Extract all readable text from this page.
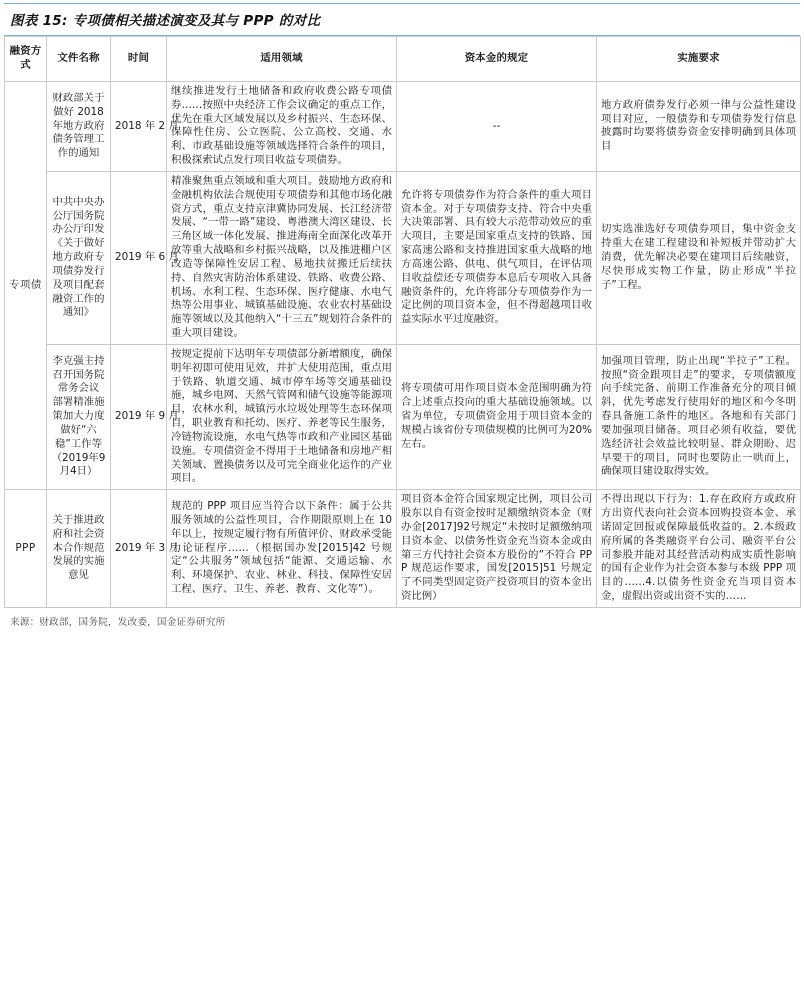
图表 15: 专项债相关描述演变及其与 PPP 的对比
融资方式	文件名称	时间	适用领域	资本金的规定	实施要求
专项债	财政部关于做好 2018 年地方政府债务管理工作的通知	2018 年 2 月	继续推进发行土地储备和政府收费公路专项债券……按照中央经济工作会议确定的重点工作，优先在重大区域发展以及乡村振兴、生态环保、保障性住房、公立医院、公立高校、交通、水利、市政基础设施等领域选择符合条件的项目，积极探索试点发行项目收益专项债券。	--	地方政府债券发行必须一律与公益性建设项目对应，一般债券和专项债券发行信息披露时均要将债券资金安排明确到具体项目
	中共中央办公厅国务院办公厅印发《关于做好地方政府专项债券发行及项目配套融资工作的通知》	2019 年 6 月	精准聚焦重点领域和重大项目。鼓励地方政府和金融机构依法合规使用专项债券和其他市场化融资方式，重点支持京津冀协同发展、长江经济带发展、“一带一路”建设、粤港澳大湾区建设、长三角区域一体化发展、推进海南全面深化改革开放等重大战略和乡村振兴战略，以及推进棚户区改造等保障性安居工程、易地扶贫搬迁后续扶持、自然灾害防治体系建设、铁路、收费公路、机场、水利工程、生态环保、医疗健康、水电气热等公用事业、城镇基础设施、农业农村基础设施等领域以及其他纳入“十三五”规划符合条件的重大项目建设。	允许将专项债券作为符合条件的重大项目资本金。对于专项债券支持、符合中央重大决策部署、具有较大示范带动效应的重大项目，主要是国家重点支持的铁路、国家高速公路和支持推进国家重大战略的地方高速公路、供电、供气项目，在评估项目收益偿还专项债券本息后专项收入具备融资条件的，允许将部分专项债券作为一定比例的项目资本金，但不得超越项目收益实际水平过度融资。	切实选准选好专项债券项目，集中资金支持重大在建工程建设和补短板并带动扩大消费，优先解决必要在建项目后续融资，尽快形成实物工作量，防止形成“半拉子”工程。
	李克强主持召开国务院常务会议 部署精准施策加大力度做好“六稳”工作等（2019年9月4日）	2019 年 9 月	按规定提前下达明年专项债部分新增额度，确保明年初即可使用见效，并扩大使用范围，重点用于铁路、轨道交通、城市停车场等交通基础设施，城乡电网、天然气管网和储气设施等能源项目，农林水利，城镇污水垃圾处理等生态环保项目，职业教育和托幼、医疗、养老等民生服务，冷链物流设施，水电气热等市政和产业园区基础设施。专项债资金不得用于土地储备和房地产相关领域、置换债务以及可完全商业化运作的产业项目。	将专项债可用作项目资本金范围明确为符合上述重点投向的重大基础设施领域。以省为单位，专项债资金用于项目资本金的规模占该省份专项债规模的比例可为20%左右。	加强项目管理，防止出现“半拉子”工程。按照“资金跟项目走”的要求，专项债额度向手续完备、前期工作准备充分的项目倾斜，优先考虑发行使用好的地区和今冬明春具备施工条件的地区。各地和有关部门要加强项目储备。项目必须有收益，要优选经济社会效益比较明显、群众期盼、迟早要干的项目，同时也要防止一哄而上，确保项目建设取得实效。
PPP	关于推进政府和社会资本合作规范发展的实施意见	2019 年 3 月	规范的 PPP 项目应当符合以下条件：属于公共服务领域的公益性项目，合作期限原则上在 10 年以上，按规定履行物有所值评价、财政承受能力论证程序……（根据国办发[2015]42 号规定“公共服务”领域包括“能源、交通运输、水利、环境保护、农业、林业、科技、保障性安居工程、医疗、卫生、养老、教育、文化等”）。	项目资本金符合国家规定比例，项目公司股东以自有资金按时足额缴纳资本金（财办金[2017]92号规定“未按时足额缴纳项目资本金、以债务性资金充当资本金或由第三方代持社会资本方股份的”不符合 PPP 规范运作要求，国发[2015]51 号规定了不同类型固定资产投资项目的资本金出资比例）	不得出现以下行为：1.存在政府方或政府方出资代表向社会资本回购投资本金、承诺固定回报或保障最低收益的。2.本级政府所属的各类融资平台公司、融资平台公司参股并能对其经营活动构成实质性影响的国有企业作为社会资本参与本级 PPP 项目的……4.以债务性资金充当项目资本金，虚假出资或出资不实的……
来源：财政部，国务院，发改委，国金证券研究所
